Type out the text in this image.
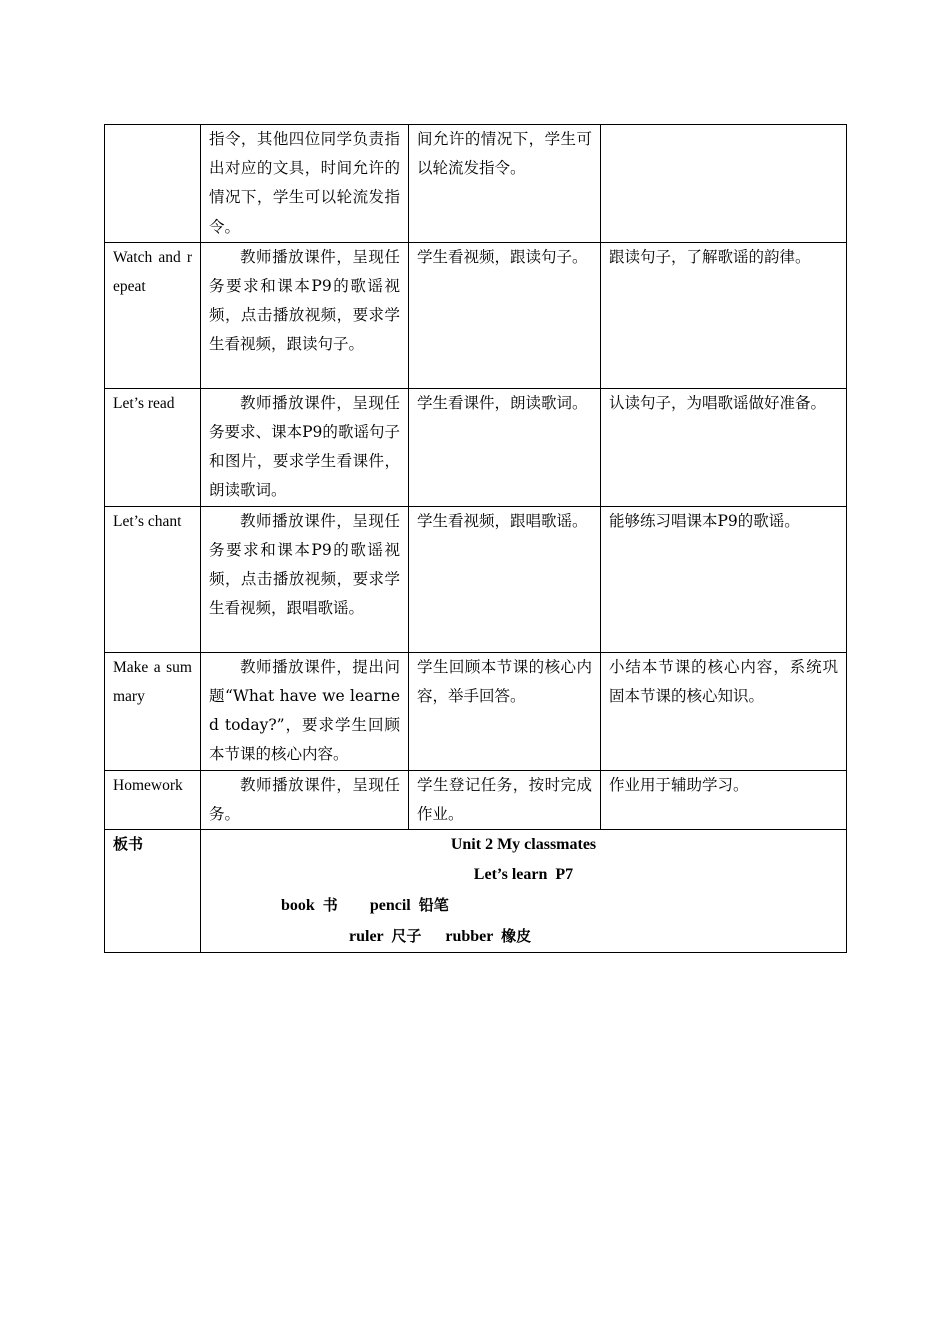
	指令，其他四位同学负责指出对应的文具，时间允许的情况下，学生可以轮流发指令。	间允许的情况下，学生可以轮流发指令。	
Watch and repeat	教师播放课件，呈现任务要求和课本P9的歌谣视频，点击播放视频，要求学生看视频，跟读句子。	学生看视频，跟读句子。	跟读句子，了解歌谣的韵律。
Let’s read	教师播放课件，呈现任务要求、课本P9的歌谣句子和图片，要求学生看课件，朗读歌词。	学生看课件，朗读歌词。	认读句子，为唱歌谣做好准备。
Let’s chant	教师播放课件，呈现任务要求和课本P9的歌谣视频，点击播放视频，要求学生看视频，跟唱歌谣。	学生看视频，跟唱歌谣。	能够练习唱课本P9的歌谣。
Make a summary	教师播放课件，提出问题“What have we learned today?”，要求学生回顾本节课的核心内容。	学生回顾本节课的核心内容，举手回答。	小结本节课的核心内容，系统巩固本节课的核心知识。
Homework	教师播放课件，呈现任务。	学生登记任务，按时完成作业。	作业用于辅助学习。
板书	Unit 2 My classmates
Let’s learn  P7
book 书 pencil 铅笔
ruler 尺子 rubber 橡皮		
